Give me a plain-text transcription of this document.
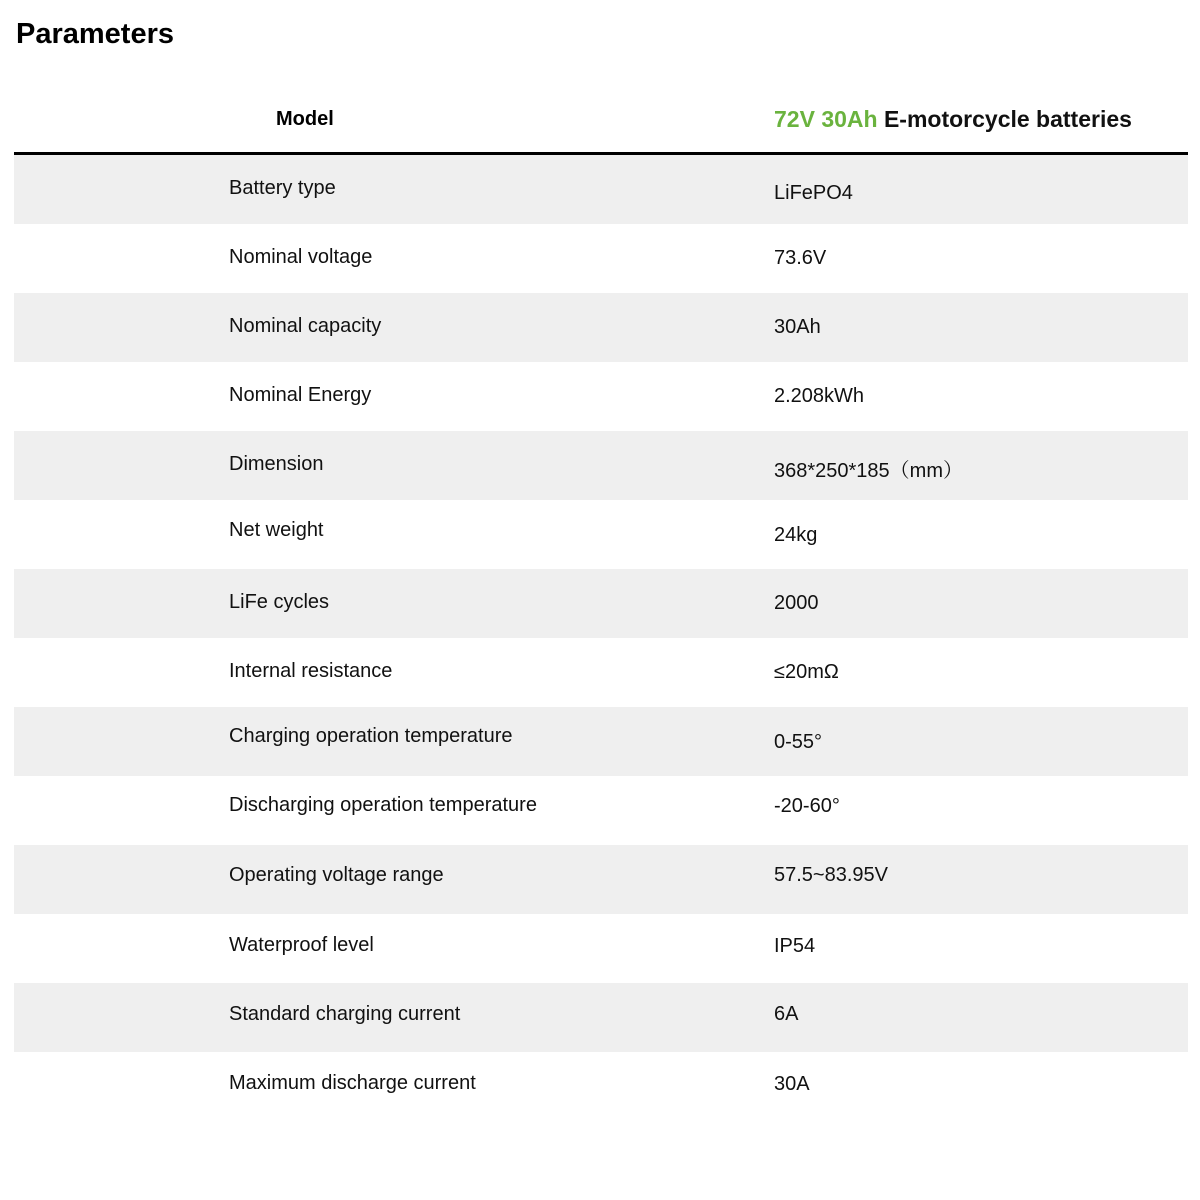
Parameters
Model	72V 30Ah E-motorcycle batteries
Battery type	LiFePO4
Nominal voltage	73.6V
Nominal capacity	30Ah
Nominal Energy	2.208kWh
Dimension	368*250*185（mm）
Net weight	24kg
LiFe cycles	2000
Internal resistance	≤20mΩ
Charging operation temperature	0-55°
Discharging operation temperature	-20-60°
Operating voltage range	57.5~83.95V
Waterproof level	IP54
Standard charging current	6A
Maximum discharge current	30A
